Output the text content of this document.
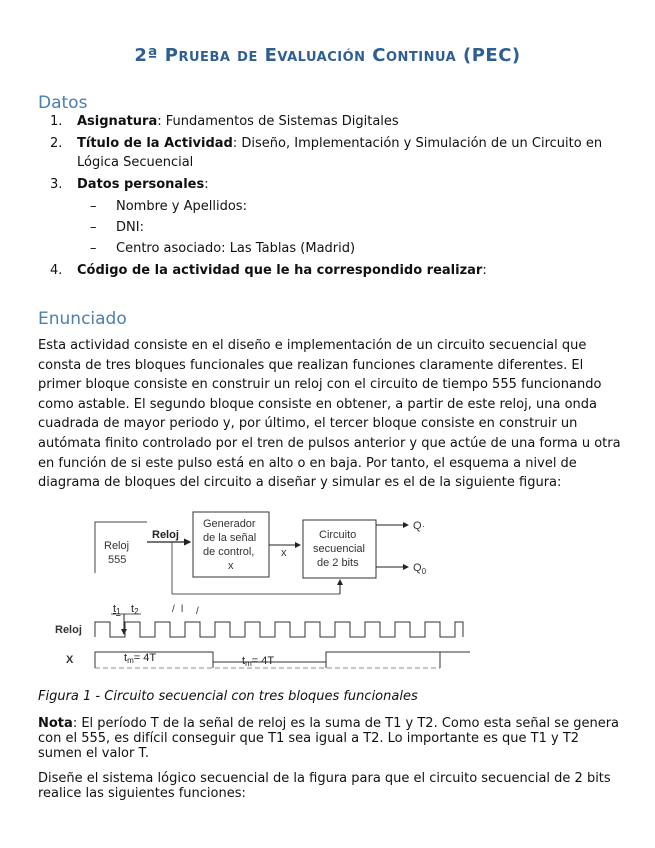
2ª Prueba de Evaluación Continua (PEC)
Datos
1. Asignatura: Fundamentos de Sistemas Digitales
2. Título de la Actividad: Diseño, Implementación y Simulación de un Circuito en
Lógica Secuencial
3. Datos personales:
– Nombre y Apellidos:
– DNI:
– Centro asociado: Las Tablas (Madrid)
4. Código de la actividad que le ha correspondido realizar:
Enunciado
Esta actividad consiste en el diseño e implementación de un circuito secuencial que consta de tres bloques funcionales que realizan funciones claramente diferentes. El primer bloque consiste en construir un reloj con el circuito de tiempo 555 funcionando como astable. El segundo bloque consiste en obtener, a partir de este reloj, una onda cuadrada de mayor periodo y, por último, el tercer bloque consiste en construir un autómata finito controlado por el tren de pulsos anterior y que actúe de una forma u otra en función de si este pulso está en alto o en baja. Por tanto, el esquema a nivel de diagrama de bloques del circuito a diseñar y simular es el de la siguiente figura:
Reloj
555
Reloj
Generador
de la señal
de control,
x
x
Circuito
secuencial
de 2 bits
Q ·
$Q_0$
t1 t2	/ l /
Reloj
X	tm= 4T	tm= 4T
Figura 1 - Circuito secuencial con tres bloques funcionales
Nota: El período T de la señal de reloj es la suma de T1 y T2. Como esta señal se genera con el 555, es difícil conseguir que T1 sea igual a T2. Lo importante es que T1 y T2 sumen el valor T.
Diseñe el sistema lógico secuencial de la figura para que el circuito secuencial de 2 bits realice las siguientes funciones:
